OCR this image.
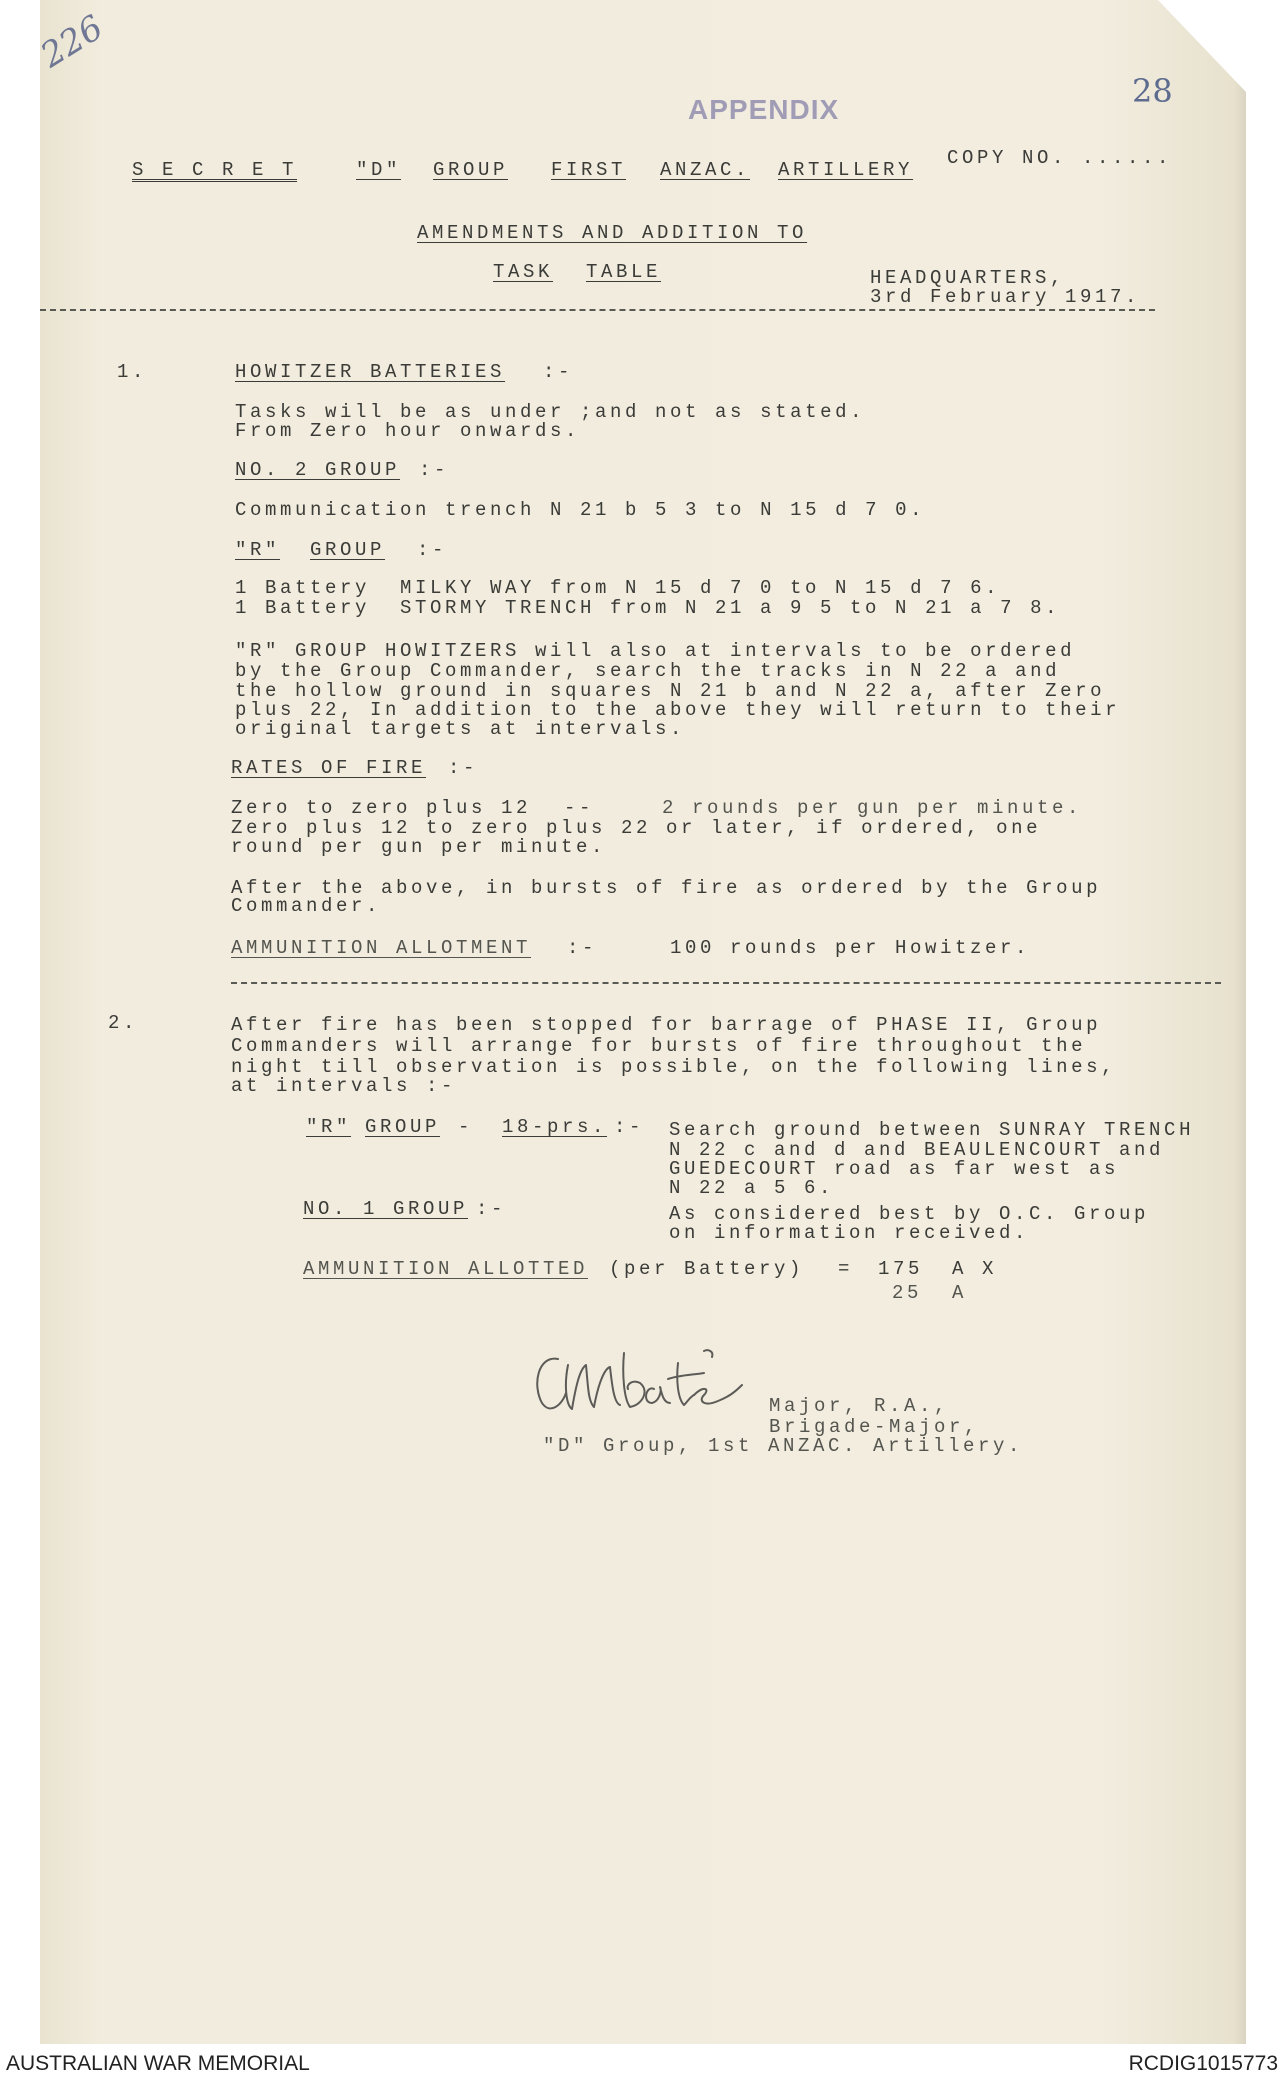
226
28
APPENDIX
S E C R E T	"D" GROUP FIRST ANZAC. ARTILLERY
COPY NO. ......
AMENDMENTS AND ADDITION TO
TASK TABLE	HEADQUARTERS,
3rd February 1917.
1.	HOWITZER BATTERIES :-
Tasks will be as under ;and not as stated.
From Zero hour onwards.
NO. 2 GROUP :-
Communication trench N 21 b 5 3 to N 15 d 7 0.
"R" GROUP :-
1 Battery MILKY WAY from N 15 d 7 0 to N 15 d 7 6.
1 Battery STORMY TRENCH from N 21 a 9 5 to N 21 a 7 8.
"R" GROUP HOWITZERS will also at intervals to be ordered
by the Group Commander, search the tracks in N 22 a and
the hollow ground in squares N 21 b and N 22 a, after Zero
plus 22, In addition to the above they will return to their
original targets at intervals.
RATES OF FIRE :-
Zero to zero plus 12 --	2 rounds per gun per minute.
Zero plus 12 to zero plus 22 or later, if ordered, one
round per gun per minute.
After the above, in bursts of fire as ordered by the Group
Commander.
AMMUNITION ALLOTMENT :-	100 rounds per Howitzer.
2.	After fire has been stopped for barrage of PHASE II, Group
Commanders will arrange for bursts of fire throughout the
night till observation is possible, on the following lines,
at intervals :-
"R" GROUP - 18-prs. :- Search ground between SUNRAY TRENCH
N 22 c and d and BEAULENCOURT and
GUEDECOURT road as far west as
N 22 a 5 6.
NO. 1 GROUP :-	As considered best by O.C. Group
on information received.
AMMUNITION ALLOTTED (per Battery) = 175 A X
25 A
Major, R.A.,
Brigade-Major,
"D" Group, 1st ANZAC. Artillery.
AUSTRALIAN WAR MEMORIAL	RCDIG1015773
